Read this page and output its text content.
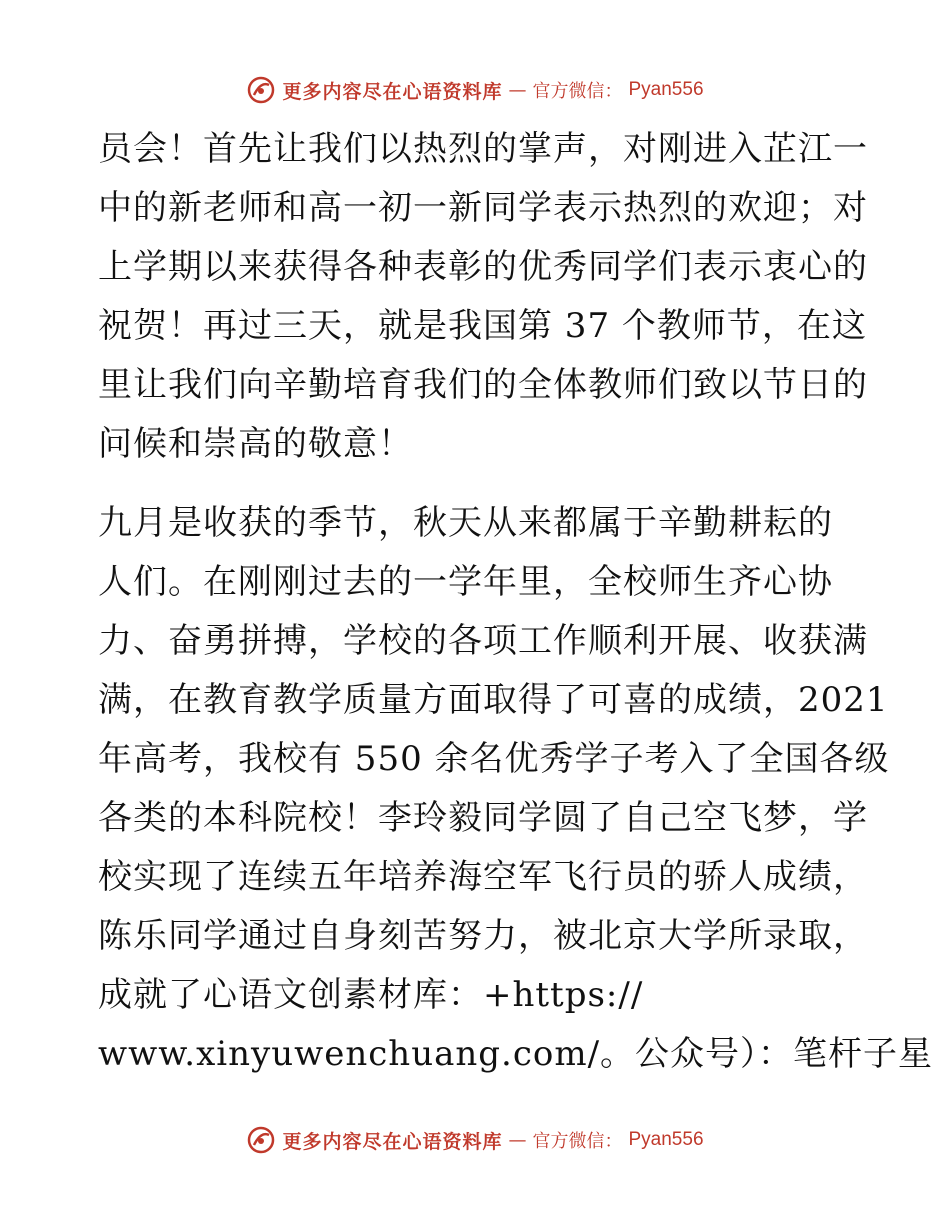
更多内容尽在心语资料库 — 官方微信： Pyan556
员会！首先让我们以热烈的掌声，对刚进入芷江一
中的新老师和高一初一新同学表示热烈的欢迎；对
上学期以来获得各种表彰的优秀同学们表示衷心的
祝贺！再过三天，就是我国第 37 个教师节，在这
里让我们向辛勤培育我们的全体教师们致以节日的
问候和崇高的敬意！
九月是收获的季节，秋天从来都属于辛勤耕耘的
人们。在刚刚过去的一学年里，全校师生齐心协
力、奋勇拼搏，学校的各项工作顺利开展、收获满
满，在教育教学质量方面取得了可喜的成绩，2021
年高考，我校有 550 余名优秀学子考入了全国各级
各类的本科院校！李玲毅同学圆了自己空飞梦，学
校实现了连续五年培养海空军飞行员的骄人成绩，
陈乐同学通过自身刻苦努力，被北京大学所录取，
成就了心语文创素材库：+https://
www.xinyuwenchuang.com/。公众号）：笔杆子星
更多内容尽在心语资料库 — 官方微信： Pyan556
